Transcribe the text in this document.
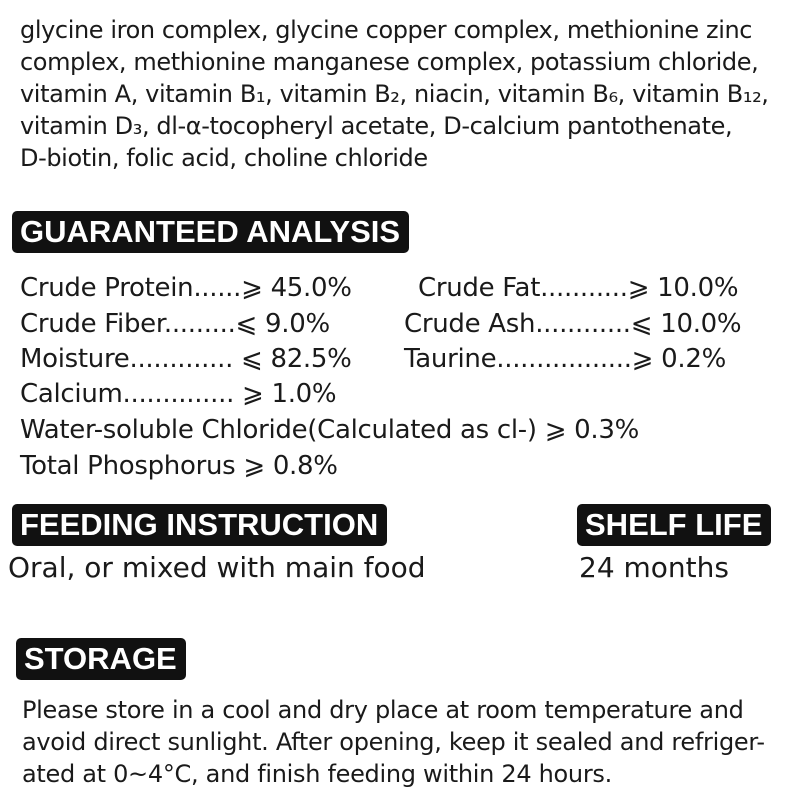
glycine iron complex, glycine copper complex, methionine zinc
complex, methionine manganese complex, potassium chloride,
vitamin A, vitamin B₁, vitamin B₂, niacin, vitamin B₆, vitamin B₁₂,
vitamin D₃, dl-α-tocopheryl acetate, D-calcium pantothenate,
D-biotin, folic acid, choline chloride
GUARANTEED ANALYSIS
Crude Protein......⩾ 45.0%	Crude Fat...........⩾ 10.0%
Crude Fiber.........⩽ 9.0%	Crude Ash............⩽ 10.0%
Moisture............. ⩽ 82.5% Taurine.................⩾ 0.2%
Calcium.............. ⩾ 1.0%
Water-soluble Chloride(Calculated as cl-) ⩾ 0.3%
Total Phosphorus ⩾ 0.8%
FEEDING INSTRUCTION
Oral, or mixed with main food
SHELF LIFE
24 months
STORAGE
Please store in a cool and dry place at room temperature and
avoid direct sunlight. After opening, keep it sealed and refriger-
ated at 0~4°C, and finish feeding within 24 hours.
